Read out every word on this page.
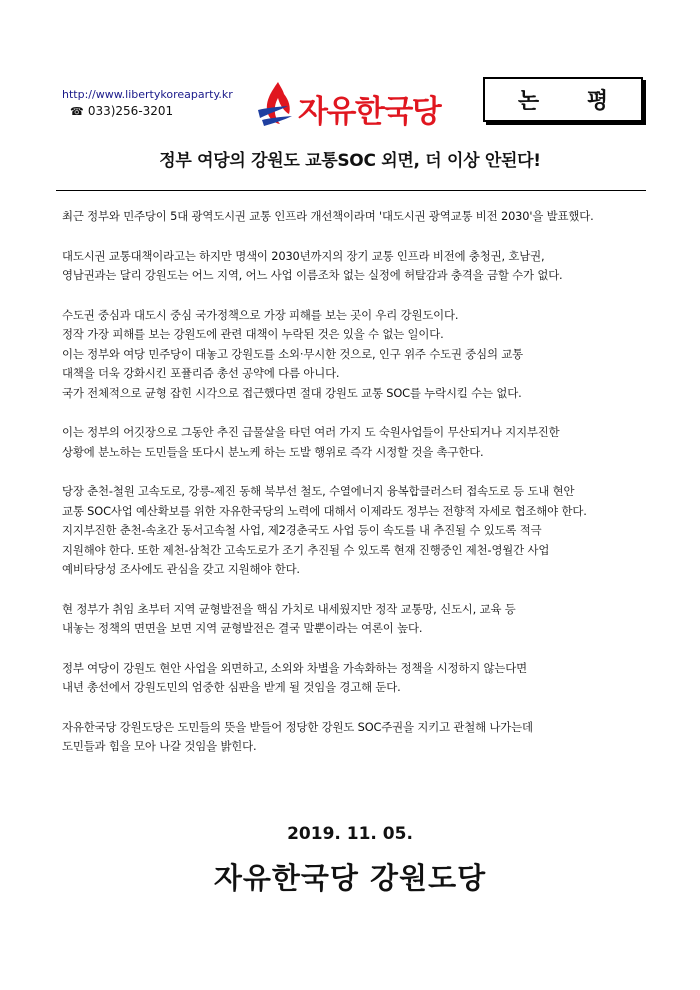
http://www.libertykoreaparty.kr
☎ 033)256-3201	자유한국당	논 평
정부 여당의 강원도 교통SOC 외면, 더 이상 안된다!
최근 정부와 민주당이 5대 광역도시권 교통 인프라 개선책이라며 '대도시권 광역교통 비전 2030'을 발표했다.
대도시권 교통대책이라고는 하지만 명색이 2030년까지의 장기 교통 인프라 비전에 충청권, 호남권,
영남권과는 달리 강원도는 어느 지역, 어느 사업 이름조차 없는 실정에 허탈감과 충격을 금할 수가 없다.
수도권 중심과 대도시 중심 국가정책으로 가장 피해를 보는 곳이 우리 강원도이다.
정작 가장 피해를 보는 강원도에 관련 대책이 누락된 것은 있을 수 없는 일이다.
이는 정부와 여당 민주당이 대놓고 강원도를 소외·무시한 것으로, 인구 위주 수도권 중심의 교통
대책을 더욱 강화시킨 포퓰리즘 총선 공약에 다름 아니다.
국가 전체적으로 균형 잡힌 시각으로 접근했다면 절대 강원도 교통 SOC를 누락시킬 수는 없다.
이는 정부의 어깃장으로 그동안 추진 급물살을 타던 여러 가지 도 숙원사업들이 무산되거나 지지부진한
상황에 분노하는 도민들을 또다시 분노케 하는 도발 행위로 즉각 시정할 것을 촉구한다.
당장 춘천-철원 고속도로, 강릉-제진 동해 북부선 철도, 수열에너지 융복합클러스터 접속도로 등 도내 현안
교통 SOC사업 예산확보를 위한 자유한국당의 노력에 대해서 이제라도 정부는 전향적 자세로 협조해야 한다.
지지부진한 춘천-속초간 동서고속철 사업, 제2경춘국도 사업 등이 속도를 내 추진될 수 있도록 적극
지원해야 한다. 또한 제천-삼척간 고속도로가 조기 추진될 수 있도록 현재 진행중인 제천-영월간 사업
예비타당성 조사에도 관심을 갖고 지원해야 한다.
현 정부가 취임 초부터 지역 균형발전을 핵심 가치로 내세웠지만 정작 교통망, 신도시, 교육 등
내놓는 정책의 면면을 보면 지역 균형발전은 결국 말뿐이라는 여론이 높다.
정부 여당이 강원도 현안 사업을 외면하고, 소외와 차별을 가속화하는 정책을 시정하지 않는다면
내년 총선에서 강원도민의 엄중한 심판을 받게 될 것임을 경고해 둔다.
자유한국당 강원도당은 도민들의 뜻을 받들어 정당한 강원도 SOC주권을 지키고 관철해 나가는데
도민들과 힘을 모아 나갈 것임을 밝힌다.
2019. 11. 05.
자유한국당 강원도당
